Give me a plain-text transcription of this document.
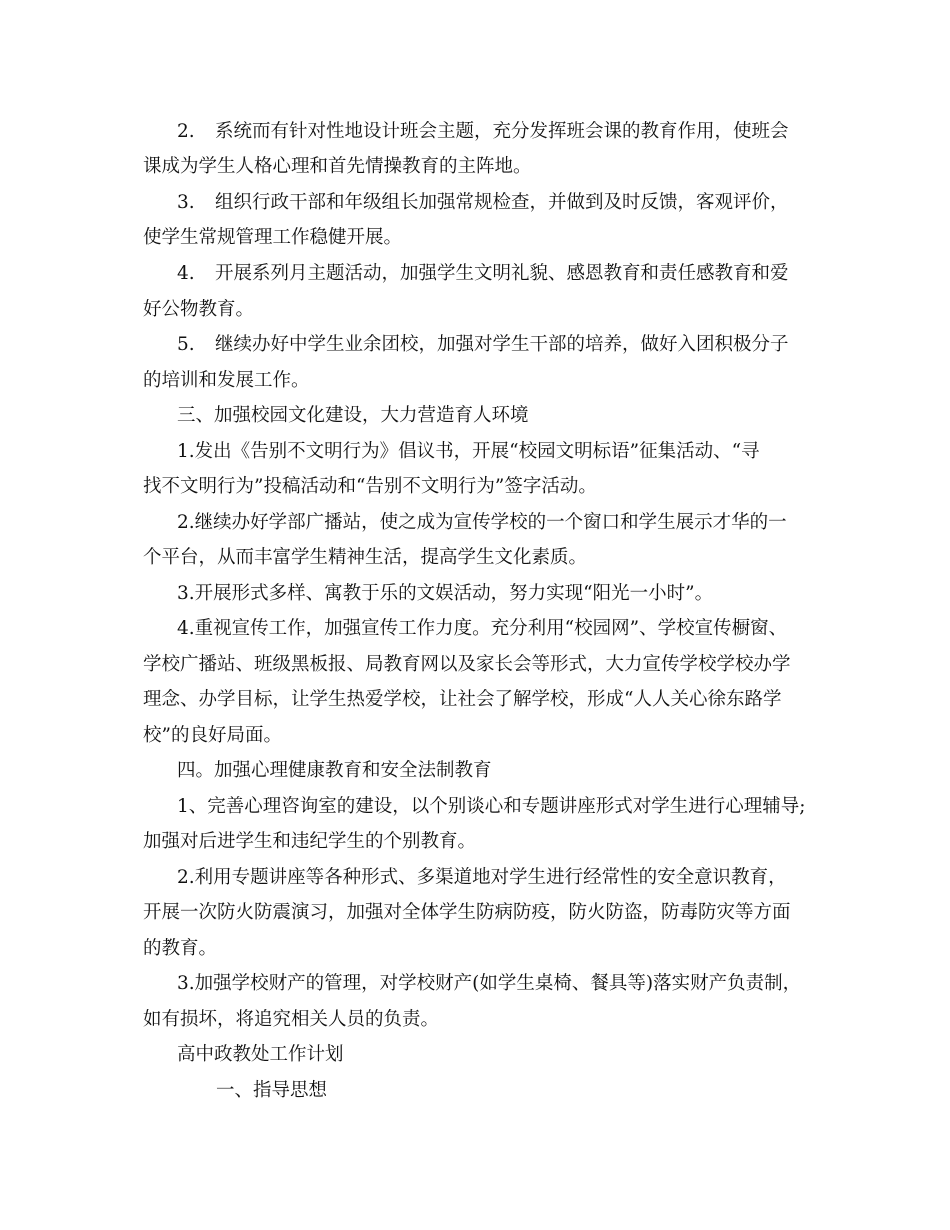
2. 系统而有针对性地设计班会主题，充分发挥班会课的教育作用，使班会
课成为学生人格心理和首先情操教育的主阵地。
3. 组织行政干部和年级组长加强常规检查，并做到及时反馈，客观评价，
使学生常规管理工作稳健开展。
4. 开展系列月主题活动，加强学生文明礼貌、感恩教育和责任感教育和爱
好公物教育。
5. 继续办好中学生业余团校，加强对学生干部的培养，做好入团积极分子
的培训和发展工作。
三、加强校园文化建设，大力营造育人环境
1.发出《告别不文明行为》倡议书，开展“校园文明标语”征集活动、“寻
找不文明行为”投稿活动和“告别不文明行为”签字活动。
2.继续办好学部广播站，使之成为宣传学校的一个窗口和学生展示才华的一
个平台，从而丰富学生精神生活，提高学生文化素质。
3.开展形式多样、寓教于乐的文娱活动，努力实现“阳光一小时”。
4.重视宣传工作，加强宣传工作力度。充分利用“校园网”、学校宣传橱窗、
学校广播站、班级黑板报、局教育网以及家长会等形式，大力宣传学校学校办学
理念、办学目标，让学生热爱学校，让社会了解学校，形成“人人关心徐东路学
校”的良好局面。
四。加强心理健康教育和安全法制教育
1、完善心理咨询室的建设，以个别谈心和专题讲座形式对学生进行心理辅导;
加强对后进学生和违纪学生的个别教育。
2.利用专题讲座等各种形式、多渠道地对学生进行经常性的安全意识教育，
开展一次防火防震演习，加强对全体学生防病防疫，防火防盗，防毒防灾等方面
的教育。
3.加强学校财产的管理，对学校财产(如学生桌椅、餐具等)落实财产负责制，
如有损坏，将追究相关人员的负责。
高中政教处工作计划
一、指导思想
